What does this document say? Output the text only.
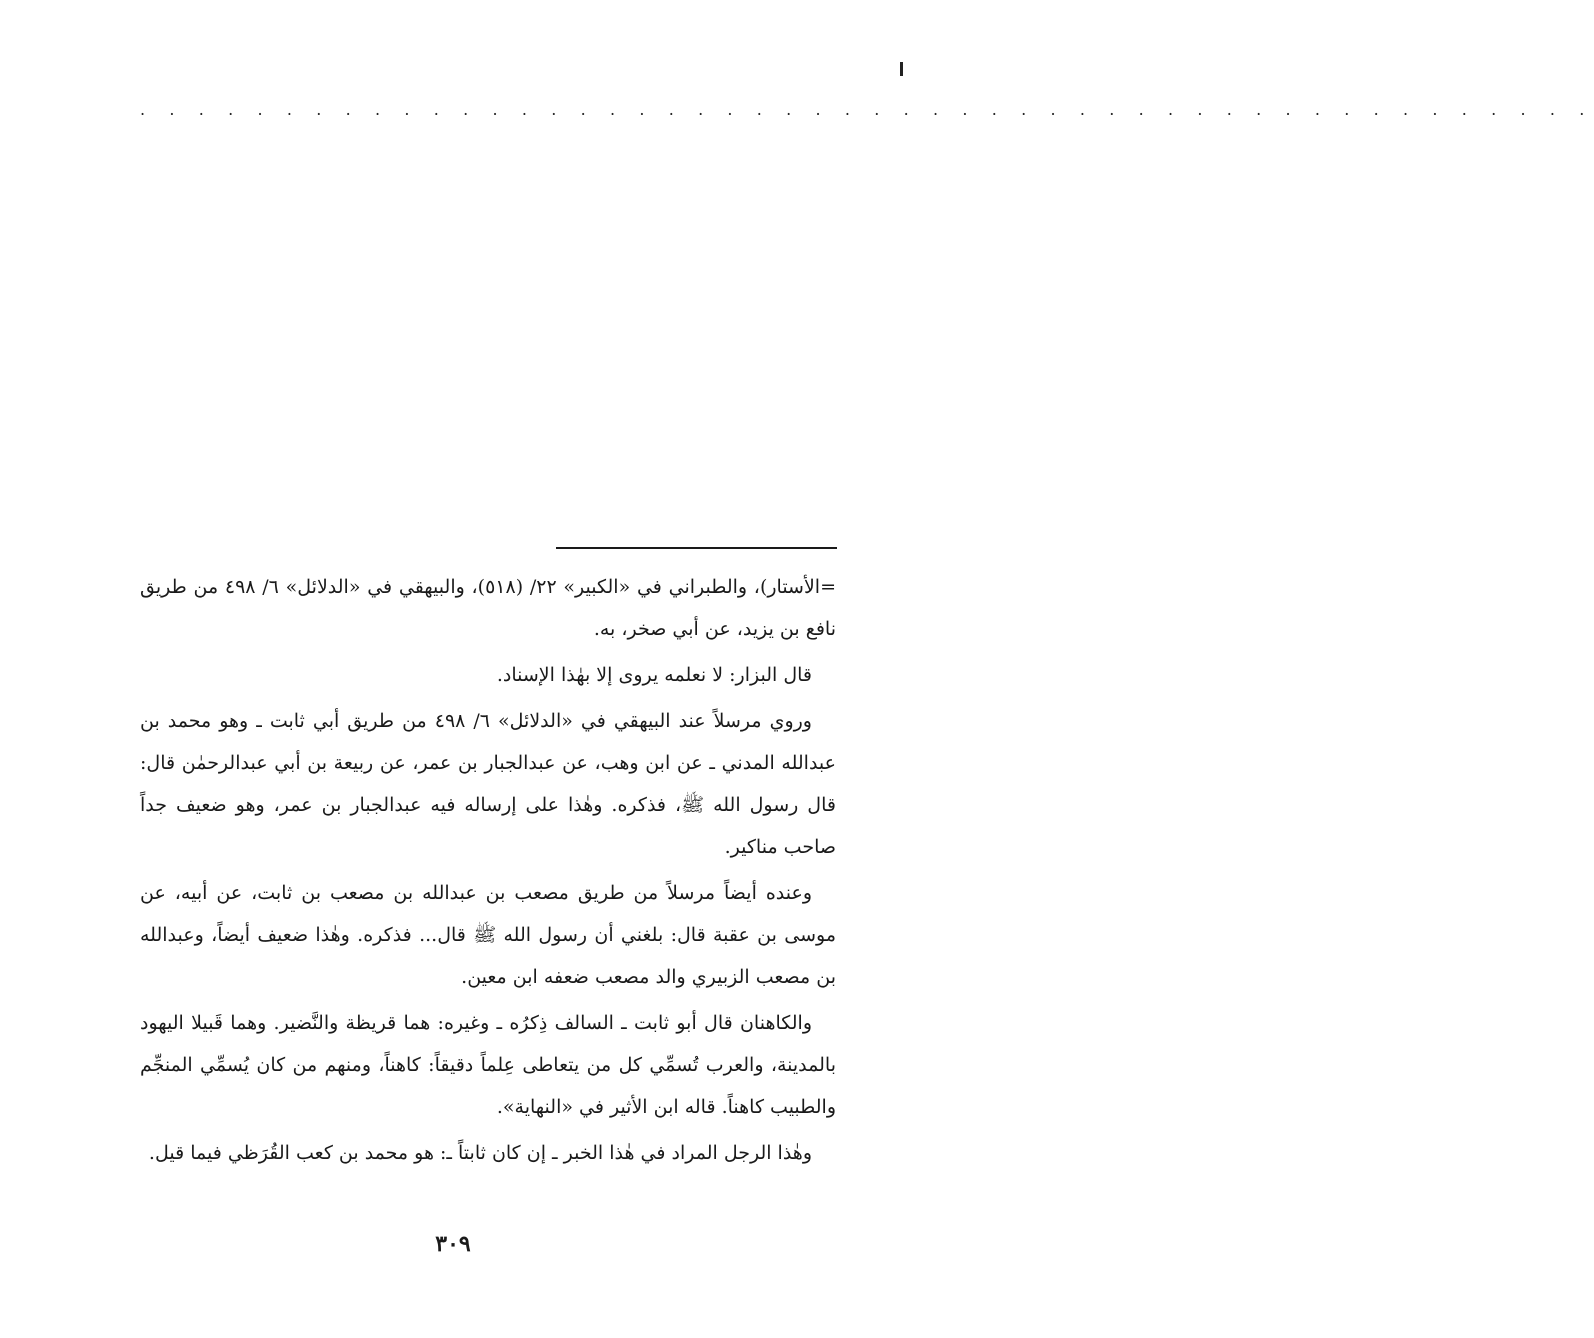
. . . . . . . . . . . . . . . . . . . . . . . . . . . . . . . . . . . . . . . . . . . . . . . . . .

=الأستار)، والطبراني في «الكبير» ٢٢/ (٥١٨)، والبيهقي في «الدلائل» ٦/ ٤٩٨ من طريق نافع بن يزيد، عن أبي صخر، به.

قال البزار: لا نعلمه يروى إلا بهٰذا الإسناد.

وروي مرسلاً عند البيهقي في «الدلائل» ٦/ ٤٩٨ من طريق أبي ثابت ـ وهو محمد بن عبدالله المدني ـ عن ابن وهب، عن عبدالجبار بن عمر، عن ربيعة بن أبي عبدالرحمٰن قال: قال رسول الله ﷺ، فذكره. وهٰذا على إرساله فيه عبدالجبار بن عمر، وهو ضعيف جداً صاحب مناكير.

وعنده أيضاً مرسلاً من طريق مصعب بن عبدالله بن مصعب بن ثابت، عن أبيه، عن موسى بن عقبة قال: بلغني أن رسول الله ﷺ قال... فذكره. وهٰذا ضعيف أيضاً، وعبدالله بن مصعب الزبيري والد مصعب ضعفه ابن معين.

والكاهنان قال أبو ثابت ـ السالف ذِكرُه ـ وغيره: هما قريظة والنَّضير. وهما قَبيلا اليهود بالمدينة، والعرب تُسمِّي كل من يتعاطى عِلماً دقيقاً: كاهناً، ومنهم من كان يُسمِّي المنجِّم والطبيب كاهناً. قاله ابن الأثير في «النهاية».

وهٰذا الرجل المراد في هٰذا الخبر ـ إن كان ثابتاً ـ: هو محمد بن كعب القُرَظي فيما قيل.

٣٠٩
